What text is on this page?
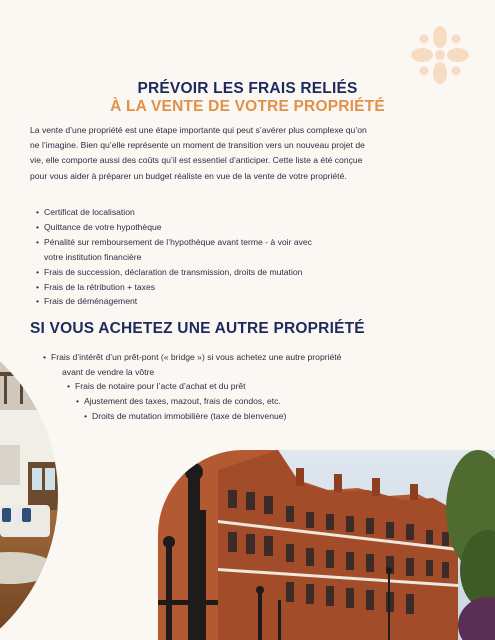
PRÉVOIR LES FRAIS RELIÉS
À LA VENTE DE VOTRE PROPRIÉTÉ

La vente d’une propriété est une étape importante qui peut s’avérer plus complexe qu’on
ne l’imagine. Bien qu’elle représente un moment de transition vers un nouveau projet de
vie, elle comporte aussi des coûts qu’il est essentiel d’anticiper. Cette liste a été conçue
pour vous aider à préparer un budget réaliste en vue de la vente de votre propriété.

• Certificat de localisation
• Quittance de votre hypothèque
• Pénalité sur remboursement de l’hypothèque avant terme - à voir avec
votre institution financière
• Frais de succession, déclaration de transmission, droits de mutation
• Frais de la rétribution + taxes
• Frais de déménagement
SI VOUS ACHETEZ UNE AUTRE PROPRIÉTÉ
• Frais d’intérêt d’un prêt-pont (« bridge ») si vous achetez une autre propriété
avant de vendre la vôtre
• Frais de notaire pour l’acte d’achat et du prêt
• Ajustement des taxes, mazout, frais de condos, etc.
• Droits de mutation immobilière (taxe de bienvenue)
